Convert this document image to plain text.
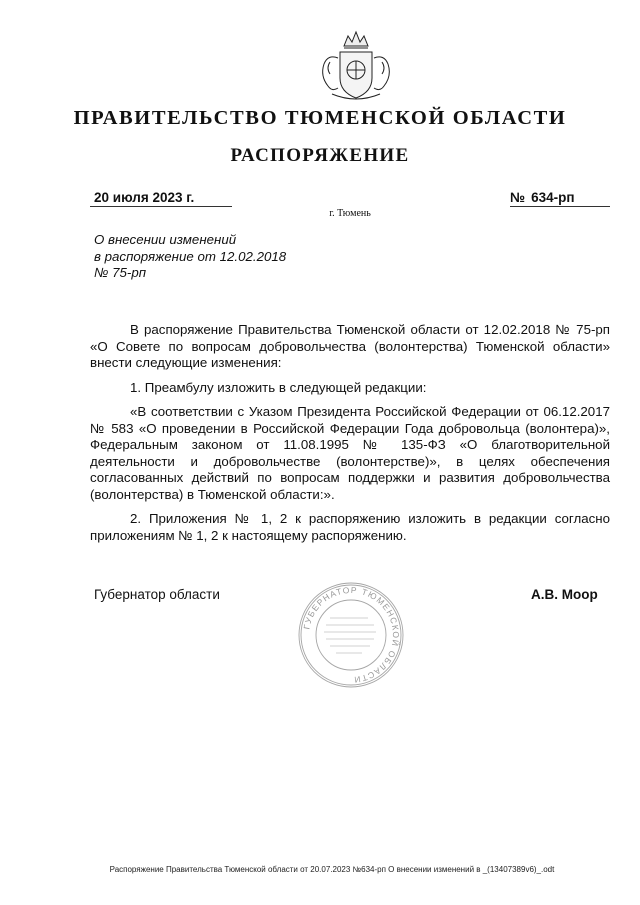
ПРАВИТЕЛЬСТВО ТЮМЕНСКОЙ ОБЛАСТИ
РАСПОРЯЖЕНИЕ
20 июля 2023 г.	№ 634-рп
г. Тюмень
О внесении изменений
в распоряжение от 12.02.2018
№ 75-рп

В распоряжение Правительства Тюменской области от 12.02.2018 № 75-рп «О Совете по вопросам добровольчества (волонтерства) Тюменской области» внести следующие изменения:

1. Преамбулу изложить в следующей редакции:

«В соответствии с Указом Президента Российской Федерации от 06.12.2017 № 583 «О проведении в Российской Федерации Года добровольца (волонтера)», Федеральным законом от 11.08.1995 № 135-ФЗ «О благотворительной деятельности и добровольчестве (волонтерстве)», в целях обеспечения согласованных действий по вопросам поддержки и развития добровольчества (волонтерства) в Тюменской области:».

2. Приложения № 1, 2 к распоряжению изложить в редакции согласно приложениям № 1, 2 к настоящему распоряжению.

Губернатор области
ГУБЕРНАТОР ТЮМЕНСКОЙ ОБЛАСТИ
А.В. Моор
Распоряжение Правительства Тюменской области от 20.07.2023 №634-рп О внесении изменений в _(13407389v6)_.odt
